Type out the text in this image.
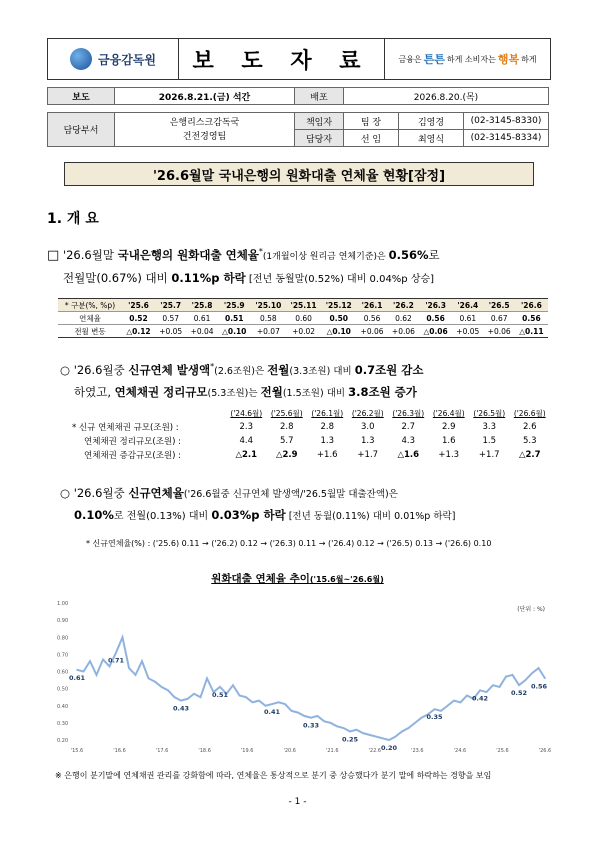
금융감독원	보 도 자 료	금융은 튼튼 하게 소비자는 행복 하게
보도	2026.8.21.(금) 석간	배포	2026.8.20.(목)
담당부서	은행리스크감독국
건전경영팀	책임자	팀 장	김영경	(02-3145-8330)
		담당자	선 임	최영식	(02-3145-8334)
'26.6월말 국내은행의 원화대출 연체율 현황[잠정]
1. 개 요
□ '26.6월말 국내은행의 원화대출 연체율*(1개월이상 원리금 연체기준)은 0.56%로
전월말(0.67%) 대비 0.11%p 하락 [전년 동월말(0.52%) 대비 0.04%p 상승]
* 구분(%, %p)	'25.6	'25.7	'25.8	'25.9	'25.10	'25.11	'25.12	'26.1	'26.2	'26.3	'26.4	'26.5	'26.6
연체율	0.52	0.57	0.61	0.51	0.58	0.60	0.50	0.56	0.62	0.56	0.61	0.67	0.56
전월 변동	△0.12	+0.05	+0.04	△0.10	+0.07	+0.02	△0.10	+0.06	+0.06	△0.06	+0.05	+0.06	△0.11
○ '26.6월중 신규연체 발생액*(2.6조원)은 전월(3.3조원) 대비 0.7조원 감소
하였고, 연체채권 정리규모(5.3조원)는 전월(1.5조원) 대비 3.8조원 증가
	('24.6월)	('25.6월)	('26.1월)	('26.2월)	('26.3월)	('26.4월)	('26.5월)	('26.6월)
* 신규 연체채권 규모(조원) :	2.3	2.8	2.8	3.0	2.7	2.9	3.3	2.6
연체채권 정리규모(조원) :	4.4	5.7	1.3	1.3	4.3	1.6	1.5	5.3
연체채권 증감규모(조원) :	△2.1	△2.9	+1.6	+1.7	△1.6	+1.3	+1.7	△2.7
○ '26.6월중 신규연체율('26.6월중 신규연체 발생액/'26.5월말 대출잔액)은
0.10%로 전월(0.13%) 대비 0.03%p 하락 [전년 동월(0.11%) 대비 0.01%p 하락]
* 신규연체율(%) : ('25.6) 0.11 → ('26.2) 0.12 → ('26.3) 0.11 → ('26.4) 0.12 → ('26.5) 0.13 → ('26.6) 0.10
원화대출 연체율 추이('15.6월~'26.6월)
1.00
0.90
0.80
0.70
0.60
0.50
0.40
0.30
0.20
(단위 : %)
'15.6	'16.6	'17.6	'18.6	'19.6	'20.6	'21.6	'22.6	'23.6	'24.6	'25.6	'26.6
0.61
0.71
0.43
0.51
0.41
0.33
0.25
0.20
0.35
0.42
0.52
0.56
※ 은행이 분기말에 연체채권 관리를 강화함에 따라, 연체율은 통상적으로 분기 중 상승했다가 분기 말에 하락하는 경향을 보임
- 1 -
